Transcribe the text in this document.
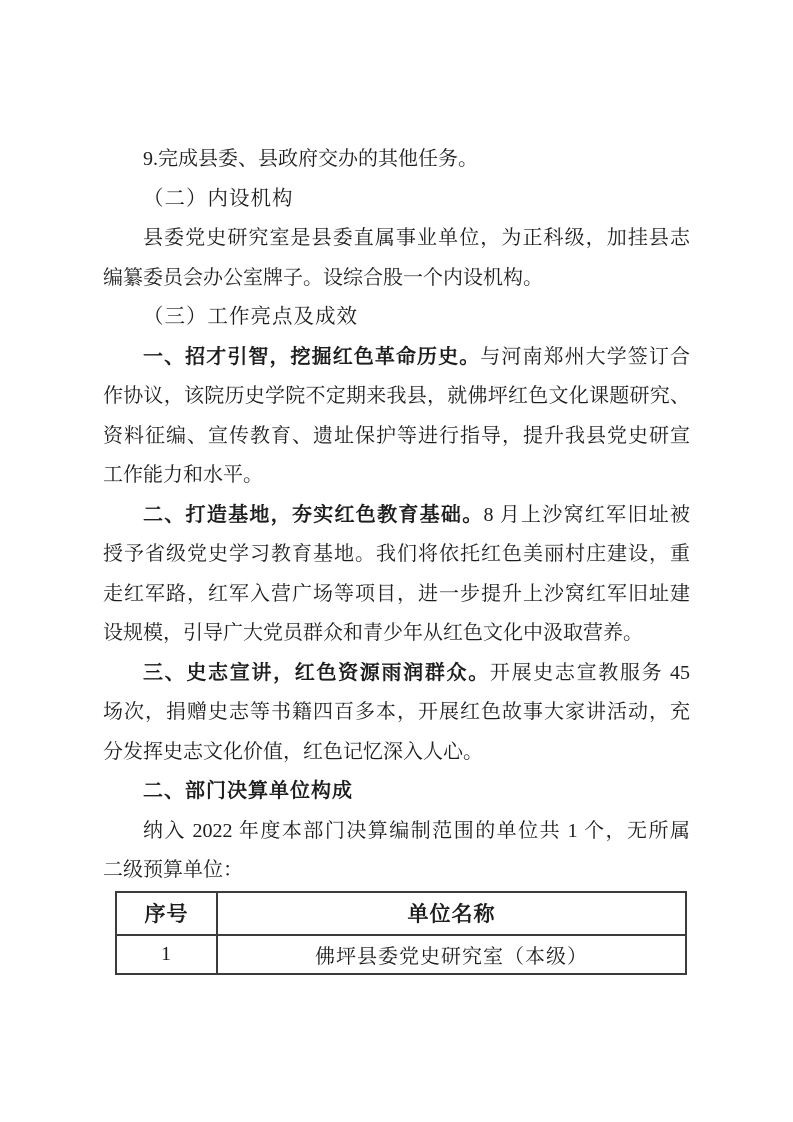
9.完成县委、县政府交办的其他任务。
（二）内设机构
县委党史研究室是县委直属事业单位，为正科级，加挂县志
编纂委员会办公室牌子。设综合股一个内设机构。
（三）工作亮点及成效
一、招才引智，挖掘红色革命历史。与河南郑州大学签订合
作协议，该院历史学院不定期来我县，就佛坪红色文化课题研究、
资料征编、宣传教育、遗址保护等进行指导，提升我县党史研宣
工作能力和水平。
二、打造基地，夯实红色教育基础。8 月上沙窝红军旧址被
授予省级党史学习教育基地。我们将依托红色美丽村庄建设，重
走红军路，红军入营广场等项目，进一步提升上沙窝红军旧址建
设规模，引导广大党员群众和青少年从红色文化中汲取营养。
三、史志宣讲，红色资源雨润群众。开展史志宣教服务 45
场次，捐赠史志等书籍四百多本，开展红色故事大家讲活动，充
分发挥史志文化价值，红色记忆深入人心。
二、部门决算单位构成
纳入 2022 年度本部门决算编制范围的单位共 1 个，无所属
二级预算单位：
序号	单位名称
1	佛坪县委党史研究室（本级）
